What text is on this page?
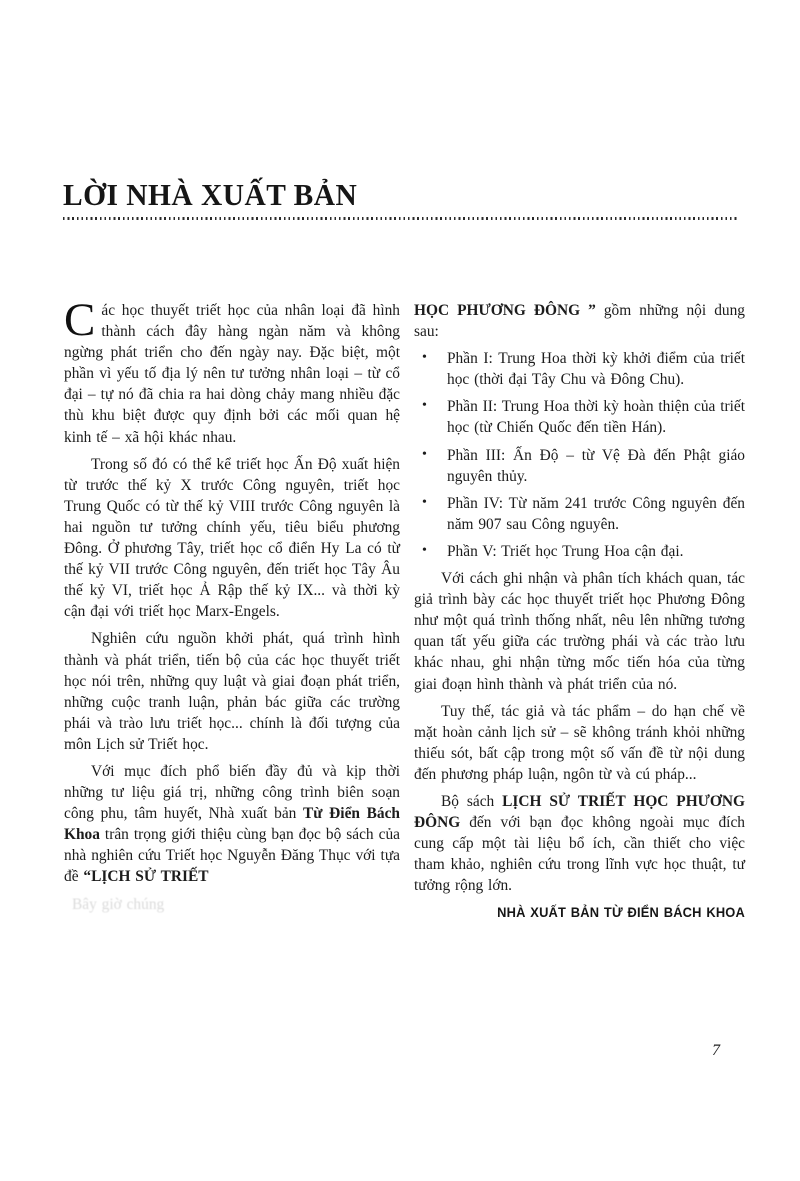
LỜI NHÀ XUẤT BẢN

Các học thuyết triết học của nhân loại đã hình thành cách đây hàng ngàn năm và không ngừng phát triển cho đến ngày nay. Đặc biệt, một phần vì yếu tố địa lý nên tư tưởng nhân loại – từ cổ đại – tự nó đã chia ra hai dòng chảy mang nhiều đặc thù khu biệt được quy định bởi các mối quan hệ kinh tế – xã hội khác nhau.

Trong số đó có thể kể triết học Ấn Độ xuất hiện từ trước thế kỷ X trước Công nguyên, triết học Trung Quốc có từ thế kỷ VIII trước Công nguyên là hai nguồn tư tưởng chính yếu, tiêu biểu phương Đông. Ở phương Tây, triết học cổ điển Hy La có từ thế kỷ VII trước Công nguyên, đến triết học Tây Âu thế kỷ VI, triết học Ả Rập thế kỷ IX... và thời kỳ cận đại với triết học Marx-Engels.

Nghiên cứu nguồn khởi phát, quá trình hình thành và phát triển, tiến bộ của các học thuyết triết học nói trên, những quy luật và giai đoạn phát triển, những cuộc tranh luận, phản bác giữa các trường phái và trào lưu triết học... chính là đối tượng của môn Lịch sử Triết học.

Với mục đích phổ biến đầy đủ và kịp thời những tư liệu giá trị, những công trình biên soạn công phu, tâm huyết, Nhà xuất bản Từ Điển Bách Khoa trân trọng giới thiệu cùng bạn đọc bộ sách của nhà nghiên cứu Triết học Nguyễn Đăng Thục với tựa đề “LỊCH SỬ TRIẾT

Bây giờ chúng

HỌC PHƯƠNG ĐÔNG ” gồm những nội dung sau:

• Phần I: Trung Hoa thời kỳ khởi điểm của triết học (thời đại Tây Chu và Đông Chu).
• Phần II: Trung Hoa thời kỳ hoàn thiện của triết học (từ Chiến Quốc đến tiền Hán).
• Phần III: Ấn Độ – từ Vệ Đà đến Phật giáo nguyên thủy.
• Phần IV: Từ năm 241 trước Công nguyên đến năm 907 sau Công nguyên.
• Phần V: Triết học Trung Hoa cận đại.

Với cách ghi nhận và phân tích khách quan, tác giả trình bày các học thuyết triết học Phương Đông như một quá trình thống nhất, nêu lên những tương quan tất yếu giữa các trường phái và các trào lưu khác nhau, ghi nhận từng mốc tiến hóa của từng giai đoạn hình thành và phát triển của nó.

Tuy thế, tác giả và tác phẩm – do hạn chế về mặt hoàn cảnh lịch sử – sẽ không tránh khỏi những thiếu sót, bất cập trong một số vấn đề từ nội dung đến phương pháp luận, ngôn từ và cú pháp...

Bộ sách LỊCH SỬ TRIẾT HỌC PHƯƠNG ĐÔNG đến với bạn đọc không ngoài mục đích cung cấp một tài liệu bổ ích, cần thiết cho việc tham khảo, nghiên cứu trong lĩnh vực học thuật, tư tưởng rộng lớn.

NHÀ XUẤT BẢN TỪ ĐIỂN BÁCH KHOA

7
